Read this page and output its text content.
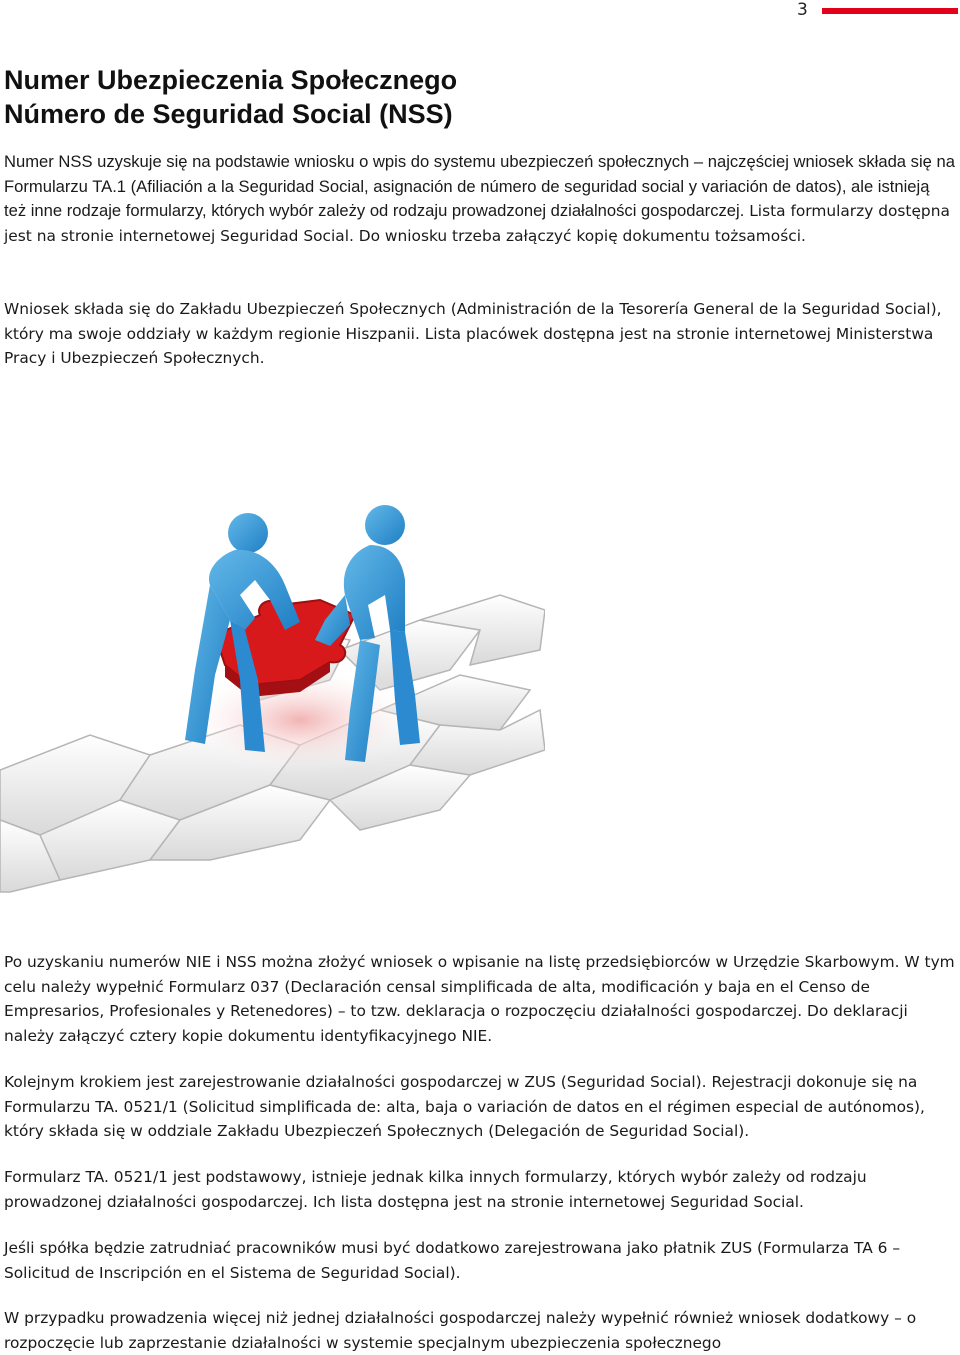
3
Numer Ubezpieczenia Społecznego
Número de Seguridad Social (NSS)

Numer NSS uzyskuje się na podstawie wniosku o wpis do systemu ubezpieczeń społecznych – najczęściej wniosek składa się na Formularzu TA.1 (Afiliación a la Seguridad Social, asignación de número de seguridad social y variación de datos), ale istnieją też inne rodzaje formularzy, których wybór zależy od rodzaju prowadzonej działalności gospodarczej. Lista formularzy dostępna jest na stronie internetowej Seguridad Social. Do wniosku trzeba załączyć kopię dokumentu tożsamości.

Wniosek składa się do Zakładu Ubezpieczeń Społecznych (Administración de la Tesorería General de la Seguridad Social), który ma swoje oddziały w każdym regionie Hiszpanii. Lista placówek dostępna jest na stronie internetowej Ministerstwa Pracy i Ubezpieczeń Społecznych.

Po uzyskaniu numerów NIE i NSS można złożyć wniosek o wpisanie na listę przedsiębiorców w Urzędzie Skarbowym. W tym celu należy wypełnić Formularz 037 (Declaración censal simplificada de alta, modificación y baja en el Censo de Empresarios, Profesionales y Retenedores) – to tzw. deklaracja o rozpoczęciu działalności gospodarczej. Do deklaracji należy załączyć cztery kopie dokumentu identyfikacyjnego NIE.

Kolejnym krokiem jest zarejestrowanie działalności gospodarczej w ZUS (Seguridad Social). Rejestracji dokonuje się na Formularzu TA. 0521/1 (Solicitud simplificada de: alta, baja o variación de datos en el régimen especial de autónomos), który składa się w oddziale Zakładu Ubezpieczeń Społecznych (Delegación de Seguridad Social).

Formularz TA. 0521/1 jest podstawowy, istnieje jednak kilka innych formularzy, których wybór zależy od rodzaju prowadzonej działalności gospodarczej. Ich lista dostępna jest na stronie internetowej Seguridad Social.

Jeśli spółka będzie zatrudniać pracowników musi być dodatkowo zarejestrowana jako płatnik ZUS (Formularza TA 6 – Solicitud de Inscripción en el Sistema de Seguridad Social).

W przypadku prowadzenia więcej niż jednej działalności gospodarczej należy wypełnić również wniosek dodatkowy – o rozpoczęcie lub zaprzestanie działalności w systemie specjalnym ubezpieczenia społecznego
